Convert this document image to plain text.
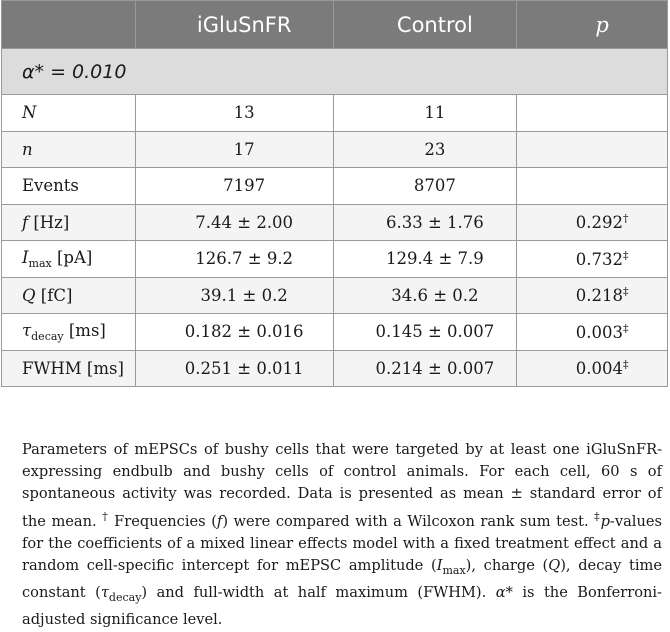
	iGluSnFR	Control	p
α* = 0.010			
N	13	11	
n	17	23	
Events	7197	8707	
f [Hz]	7.44 ± 2.00	6.33 ± 1.76	0.292†
$I_{max}$ [pA]	126.7 ± 9.2	129.4 ± 7.9	0.732‡
Q [fC]	39.1 ± 0.2	34.6 ± 0.2	0.218‡
$\tau_{decay}$ [ms]	0.182 ± 0.016	0.145 ± 0.007	0.003‡
FWHM [ms]	0.251 ± 0.011	0.214 ± 0.007	0.004‡
Parameters of mEPSCs of bushy cells that were targeted by at least one iGluSnFR-expressing endbulb and bushy cells of control animals. For each cell, 60 s of spontaneous activity was recorded. Data is presented as mean ± standard error of the mean. † Frequencies (f) were compared with a Wilcoxon rank sum test. ‡p-values for the coefficients of a mixed linear effects model with a fixed treatment effect and a random cell-specific intercept for mEPSC amplitude $(I_{max})$, charge (Q), decay time constant $(\tau_{decay})$ and full-width at half maximum (FWHM). α* is the Bonferroni-adjusted significance level.
